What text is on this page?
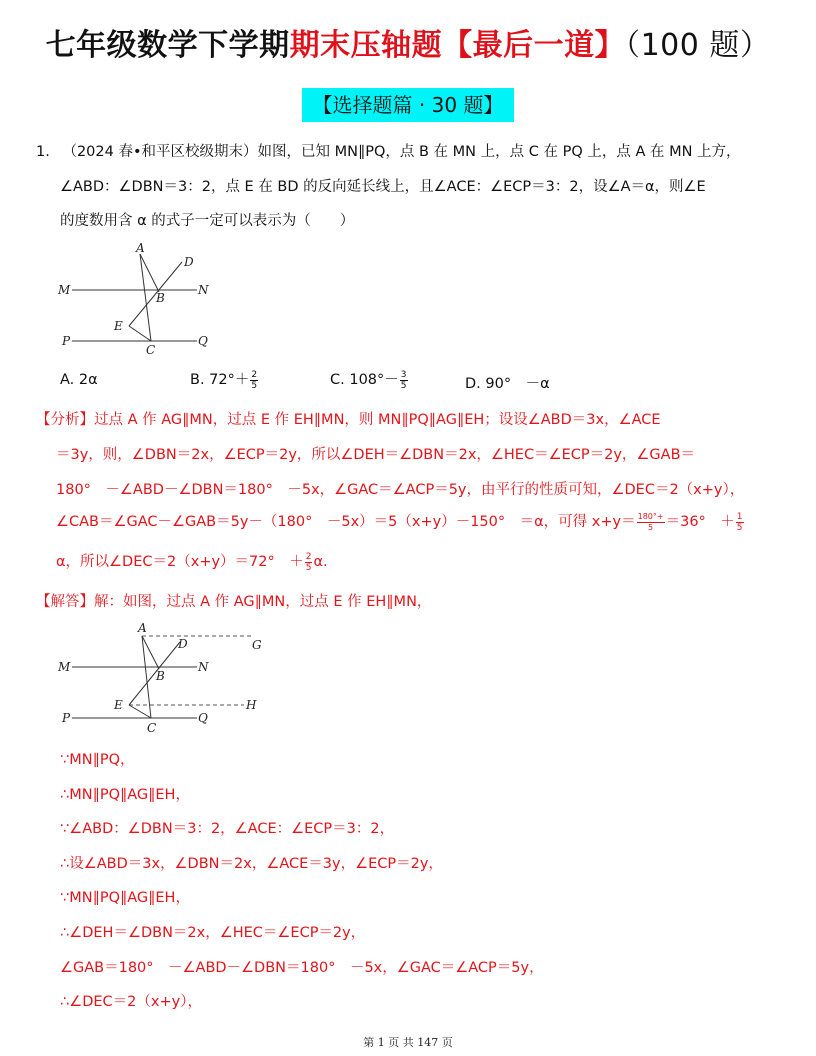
七年级数学下学期期末压轴题【最后一道】（100 题）
【选择题篇 · 30 题】
1. （2024 春•和平区校级期末）如图，已知 MN∥PQ，点 B 在 MN 上，点 C 在 PQ 上，点 A 在 MN 上方，
∠ABD：∠DBN＝3：2，点 E 在 BD 的反向延长线上，且∠ACE：∠ECP＝3：2，设∠A＝α，则∠E
的度数用含 α 的式子一定可以表示为（　　）
A
D
M	N
B
E
P
C
Q
A. 2α	B. $72^\circ+ \frac{2}{5}$	C. $108^\circ- \frac{3}{5}$	D. 90°　－α
【分析】过点 A 作 AG∥MN，过点 E 作 EH∥MN，则 MN∥PQ∥AG∥EH；设设∠ABD＝3x，∠ACE
＝3y，则，∠DBN＝2x，∠ECP＝2y，所以∠DEH＝∠DBN＝2x，∠HEC＝∠ECP＝2y，∠GAB＝
180°　－∠ABD－∠DBN＝180°　－5x，∠GAC＝∠ACP＝5y，由平行的性质可知，∠DEC＝2（x+y），
∠CAB＝∠GAC－∠GAB＝5y－（180°　－5x）＝5（x+y）－150°　＝α，可得 $x+y= \frac{180^\circ+}{5} =36^\circ$　＋ $\frac{1}{5}$
α，所以∠DEC＝2（x+y）＝72°　＋ $\frac{2}{5} \alpha$.
【解答】解：如图，过点 A 作 AG∥MN，过点 E 作 EH∥MN，
A
D	G
M	N
B
E	H
P
C
Q
∵MN∥PQ，
∴MN∥PQ∥AG∥EH，
∵∠ABD：∠DBN＝3：2，∠ACE：∠ECP＝3：2，
∴设∠ABD＝3x，∠DBN＝2x，∠ACE＝3y，∠ECP＝2y，
∵MN∥PQ∥AG∥EH，
∴∠DEH＝∠DBN＝2x，∠HEC＝∠ECP＝2y，
∠GAB＝180°　－∠ABD－∠DBN＝180°　－5x，∠GAC＝∠ACP＝5y，
∴∠DEC＝2（x+y），
第 1 页 共 147 页
